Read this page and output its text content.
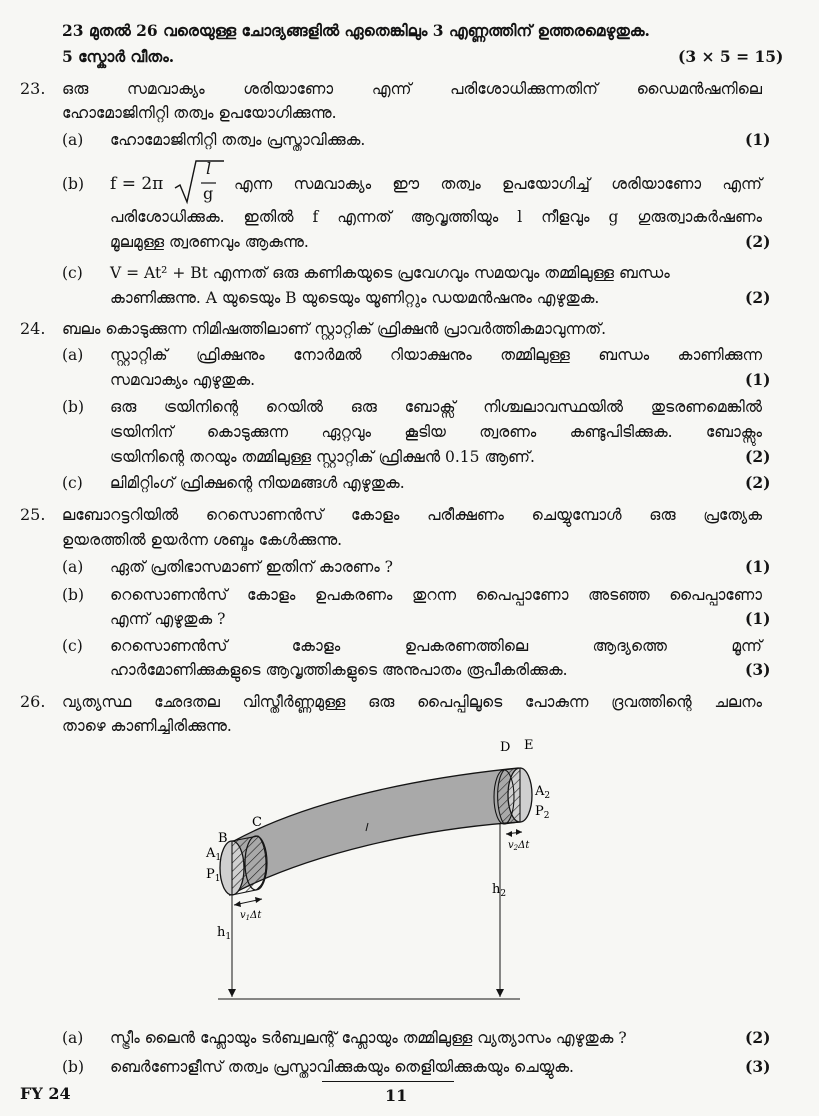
23 മുതൽ 26 വരെയുള്ള ചോദ്യങ്ങളിൽ ഏതെങ്കിലും 3 എണ്ണത്തിന് ഉത്തരമെഴുതുക.
5 സ്കോർ വീതം.	(3 × 5 = 15)
23. ഒരു സമവാക്യം ശരിയാണോ എന്ന് പരിശോധിക്കുന്നതിന് ഡൈമൻഷനിലെ
ഹോമോജിനിറ്റി തത്വം ഉപയോഗിക്കുന്നു.
(a) ഹോമോജിനിറ്റി തത്വം പ്രസ്താവിക്കുക.	(1)
(b) f = 2π
l
g എന്ന സമവാക്യം ഈ തത്വം ഉപയോഗിച്ച് ശരിയാണോ എന്ന്
പരിശോധിക്കുക. ഇതിൽ f എന്നത് ആവൃത്തിയും l നീളവും g ഗുരുത്വാകർഷണം
മൂലമുള്ള ത്വരണവും ആകുന്നു.	(2)
(c) V = At² + Bt എന്നത് ഒരു കണികയുടെ പ്രവേഗവും സമയവും തമ്മിലുള്ള ബന്ധം
കാണിക്കുന്നു. A യുടെയും B യുടെയും യൂണിറ്റും ഡയമൻഷനും എഴുതുക.	(2)
24. ബലം കൊടുക്കുന്ന നിമിഷത്തിലാണ് സ്റ്റാറ്റിക് ഫ്രിക്ഷൻ പ്രാവർത്തികമാവുന്നത്.
(a) സ്റ്റാറ്റിക് ഫ്രിക്ഷനും നോർമൽ റിയാക്ഷനും തമ്മിലുള്ള ബന്ധം കാണിക്കുന്ന
സമവാക്യം എഴുതുക.	(1)
(b) ഒരു ട്രയിനിന്റെ റെയിൽ ഒരു ബോക്സ് നിശ്ചലാവസ്ഥയിൽ തുടരണമെങ്കിൽ
ട്രയിനിന് കൊടുക്കുന്ന ഏറ്റവും കൂടിയ ത്വരണം കണ്ടുപിടിക്കുക. ബോക്സും
ട്രയിനിന്റെ തറയും തമ്മിലുള്ള സ്റ്റാറ്റിക് ഫ്രിക്ഷൻ 0.15 ആണ്.	(2)
(c) ലിമിറ്റിംഗ് ഫ്രിക്ഷന്റെ നിയമങ്ങൾ എഴുതുക.	(2)
25. ലബോറട്ടറിയിൽ റെസൊണൻസ് കോളം പരീക്ഷണം ചെയ്യുമ്പോൾ ഒരു പ്രത്യേക
ഉയരത്തിൽ ഉയർന്ന ശബ്ദം കേൾക്കുന്നു.
(a) ഏത് പ്രതിഭാസമാണ് ഇതിന് കാരണം ?	(1)
(b) റെസൊണൻസ് കോളം ഉപകരണം തുറന്ന പൈപ്പാണോ അടഞ്ഞ പൈപ്പാണോ
എന്ന് എഴുതുക ?	(1)
(c) റെസൊണൻസ് കോളം ഉപകരണത്തിലെ ആദ്യത്തെ മൂന്ന്
ഹാർമോണിക്കുകളുടെ ആവൃത്തികളുടെ അനുപാതം രൂപീകരിക്കുക.	(3)
26. വ്യത്യസ്ഥ ഛേദതല വിസ്തീർണ്ണമുള്ള ഒരു പൈപ്പിലൂടെ പോകുന്ന ദ്രവത്തിന്റെ ചലനം
താഴെ കാണിച്ചിരിക്കുന്നു.
$A_1$
$P_1$
B
C
D E
$A_2$
$P_2$
$v_1\Delta t$
$v_2\Delta t$
$h_1$
$h_2$
(a) സ്ട്രീം ലൈൻ ഫ്ലോയും ടർബ്വലന്റ് ഫ്ലോയും തമ്മിലുള്ള വ്യത്യാസം എഴുതുക ?	(2)
(b) ബെർണോളീസ് തത്വം പ്രസ്താവിക്കുകയും തെളിയിക്കുകയും ചെയ്യുക.	(3)
FY 24	11
